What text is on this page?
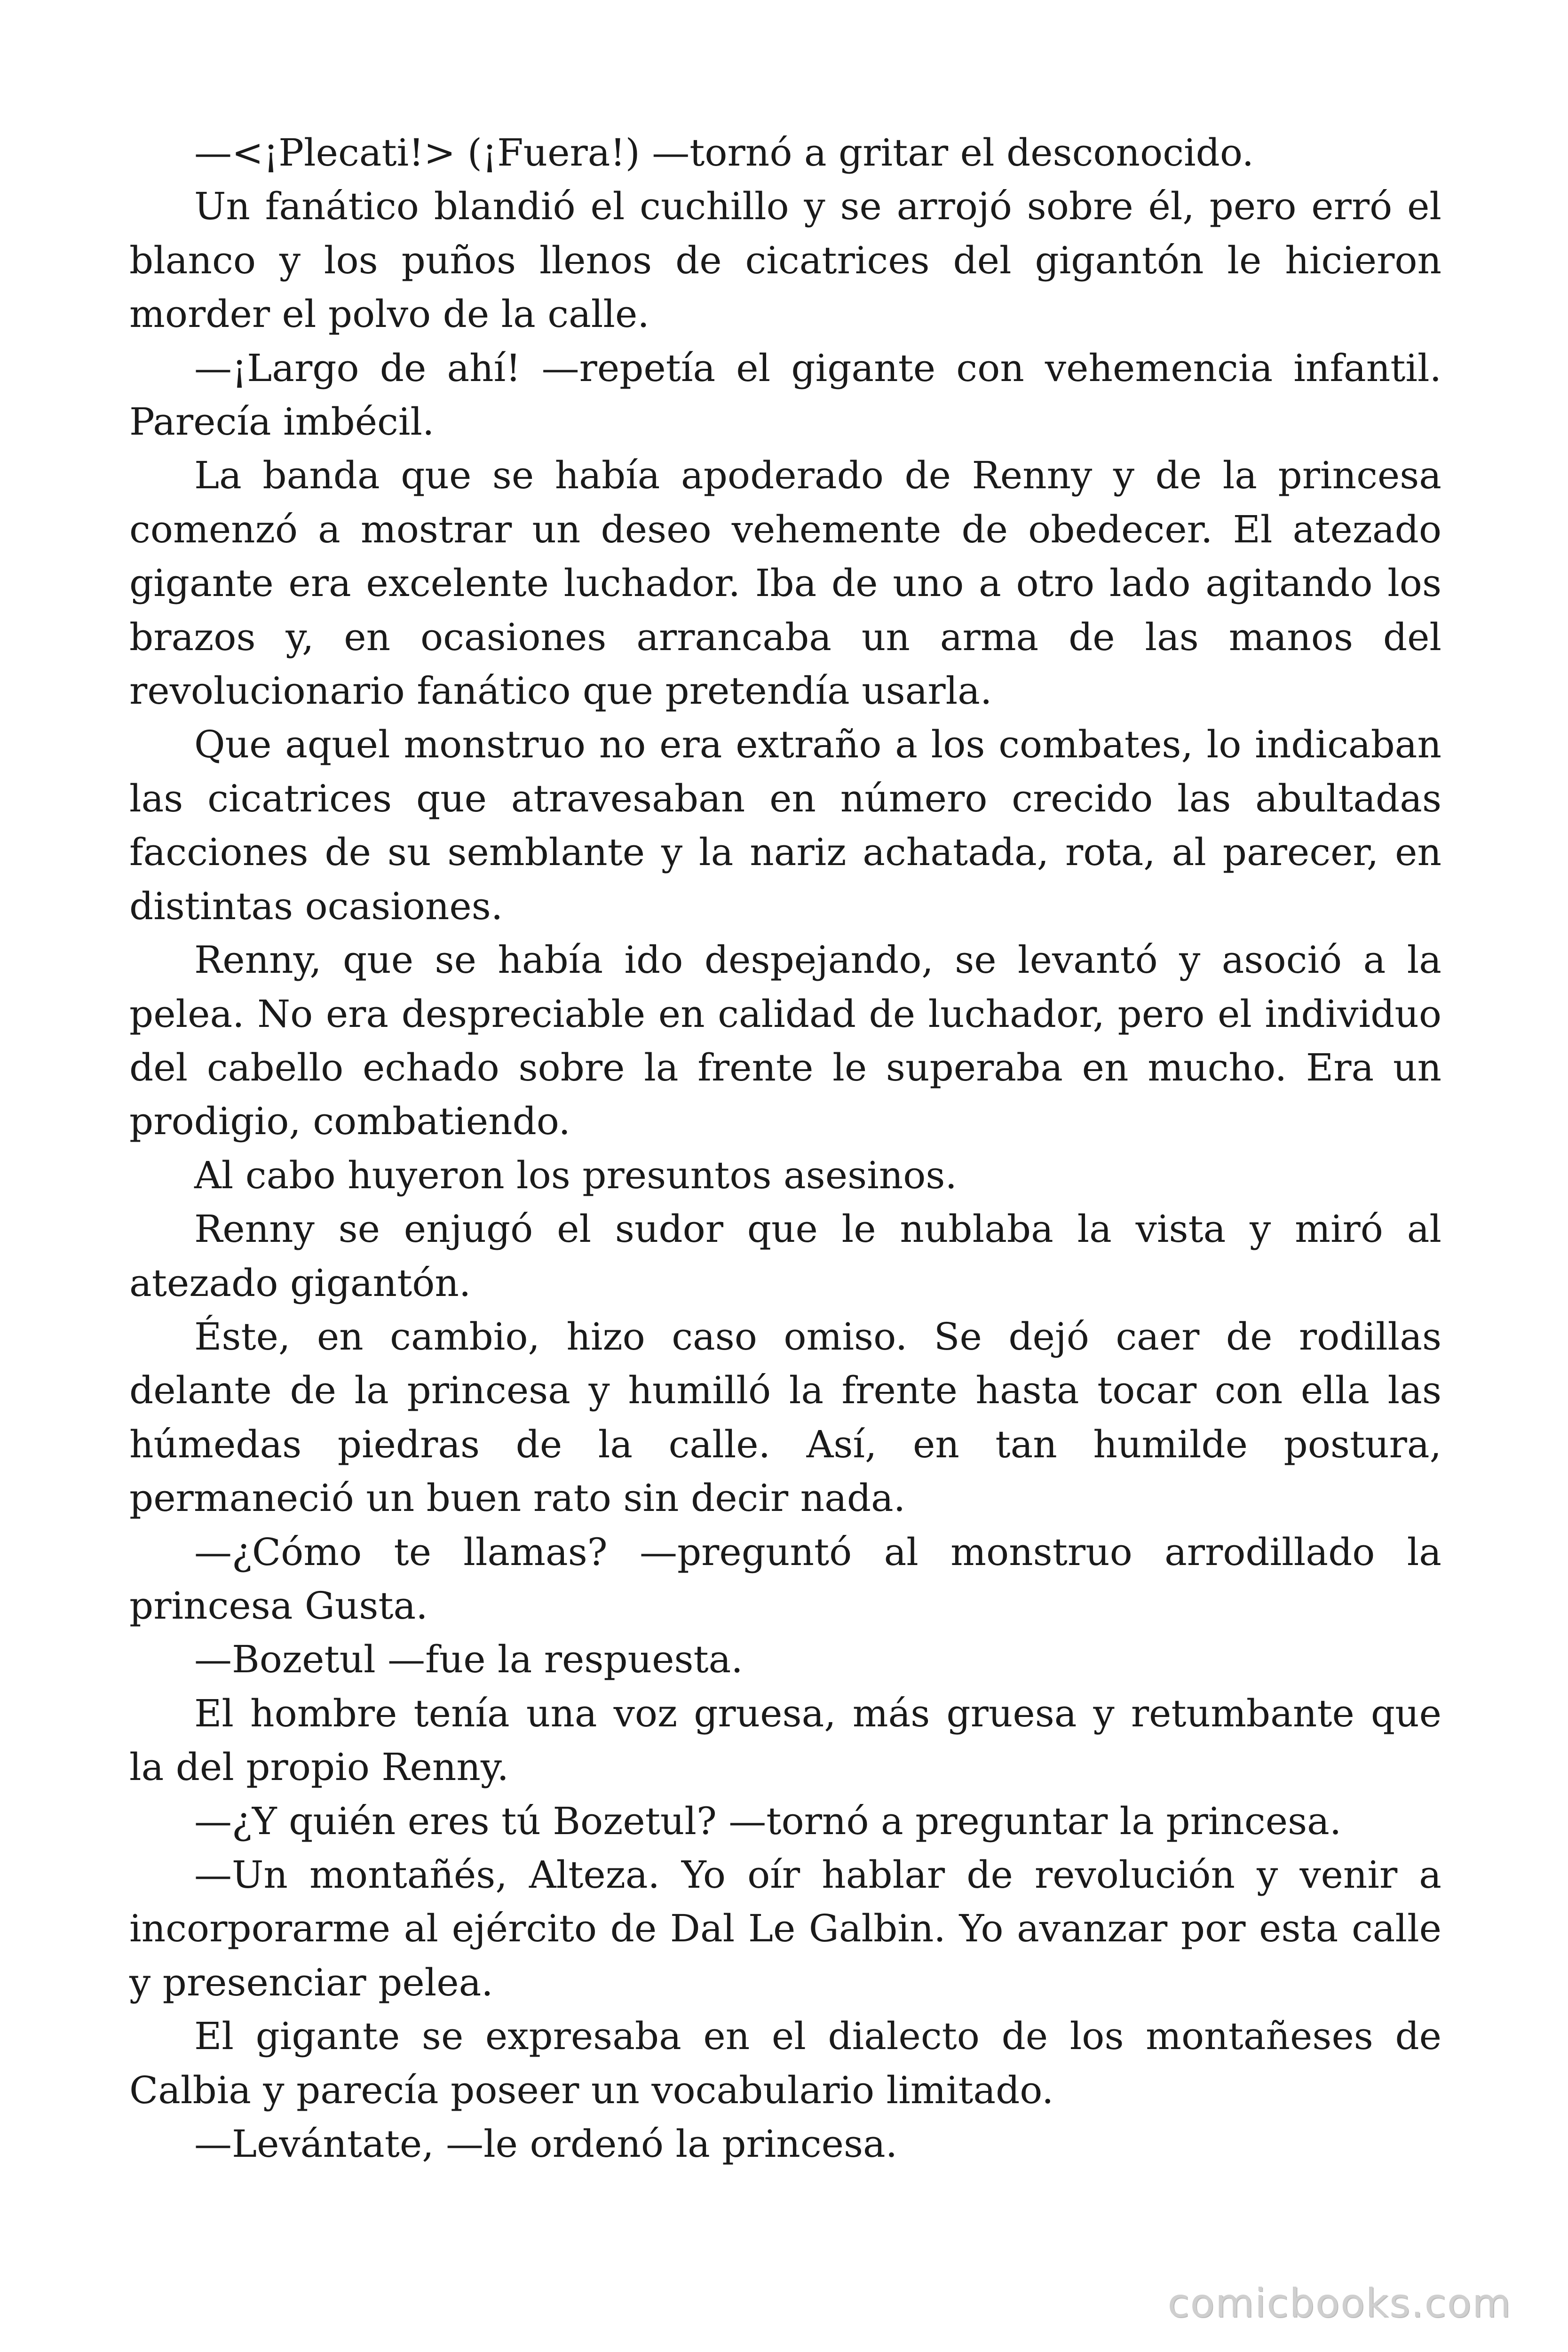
—<¡Plecati!> (¡Fuera!) —tornó a gritar el desconocido.

Un fanático blandió el cuchillo y se arrojó sobre él, pero erró el blanco y los puños llenos de cicatrices del gigantón le hicieron morder el polvo de la calle.

—¡Largo de ahí! —repetía el gigante con vehemencia infantil. Parecía imbécil.

La banda que se había apoderado de Renny y de la princesa comenzó a mostrar un deseo vehemente de obedecer. El atezado gigante era excelente luchador. Iba de uno a otro lado agitando los brazos y, en ocasiones arrancaba un arma de las manos del revolucionario fanático que pretendía usarla.

Que aquel monstruo no era extraño a los combates, lo indicaban las cicatrices que atravesaban en número crecido las abultadas facciones de su semblante y la nariz achatada, rota, al parecer, en distintas ocasiones.

Renny, que se había ido despejando, se levantó y asoció a la pelea. No era despreciable en calidad de luchador, pero el individuo del cabello echado sobre la frente le superaba en mucho. Era un prodigio, combatiendo.

Al cabo huyeron los presuntos asesinos.

Renny se enjugó el sudor que le nublaba la vista y miró al atezado gigantón.

Éste, en cambio, hizo caso omiso. Se dejó caer de rodillas delante de la princesa y humilló la frente hasta tocar con ella las húmedas piedras de la calle. Así, en tan humilde postura, permaneció un buen rato sin decir nada.

—¿Cómo te llamas? —preguntó al monstruo arrodillado la princesa Gusta.

—Bozetul —fue la respuesta.

El hombre tenía una voz gruesa, más gruesa y retumbante que la del propio Renny.

—¿Y quién eres tú Bozetul? —tornó a preguntar la princesa.

—Un montañés, Alteza. Yo oír hablar de revolución y venir a incorporarme al ejército de Dal Le Galbin. Yo avanzar por esta calle y presenciar pelea.

El gigante se expresaba en el dialecto de los montañeses de Calbia y parecía poseer un vocabulario limitado.

—Levántate, —le ordenó la princesa.

comicbooks.com
